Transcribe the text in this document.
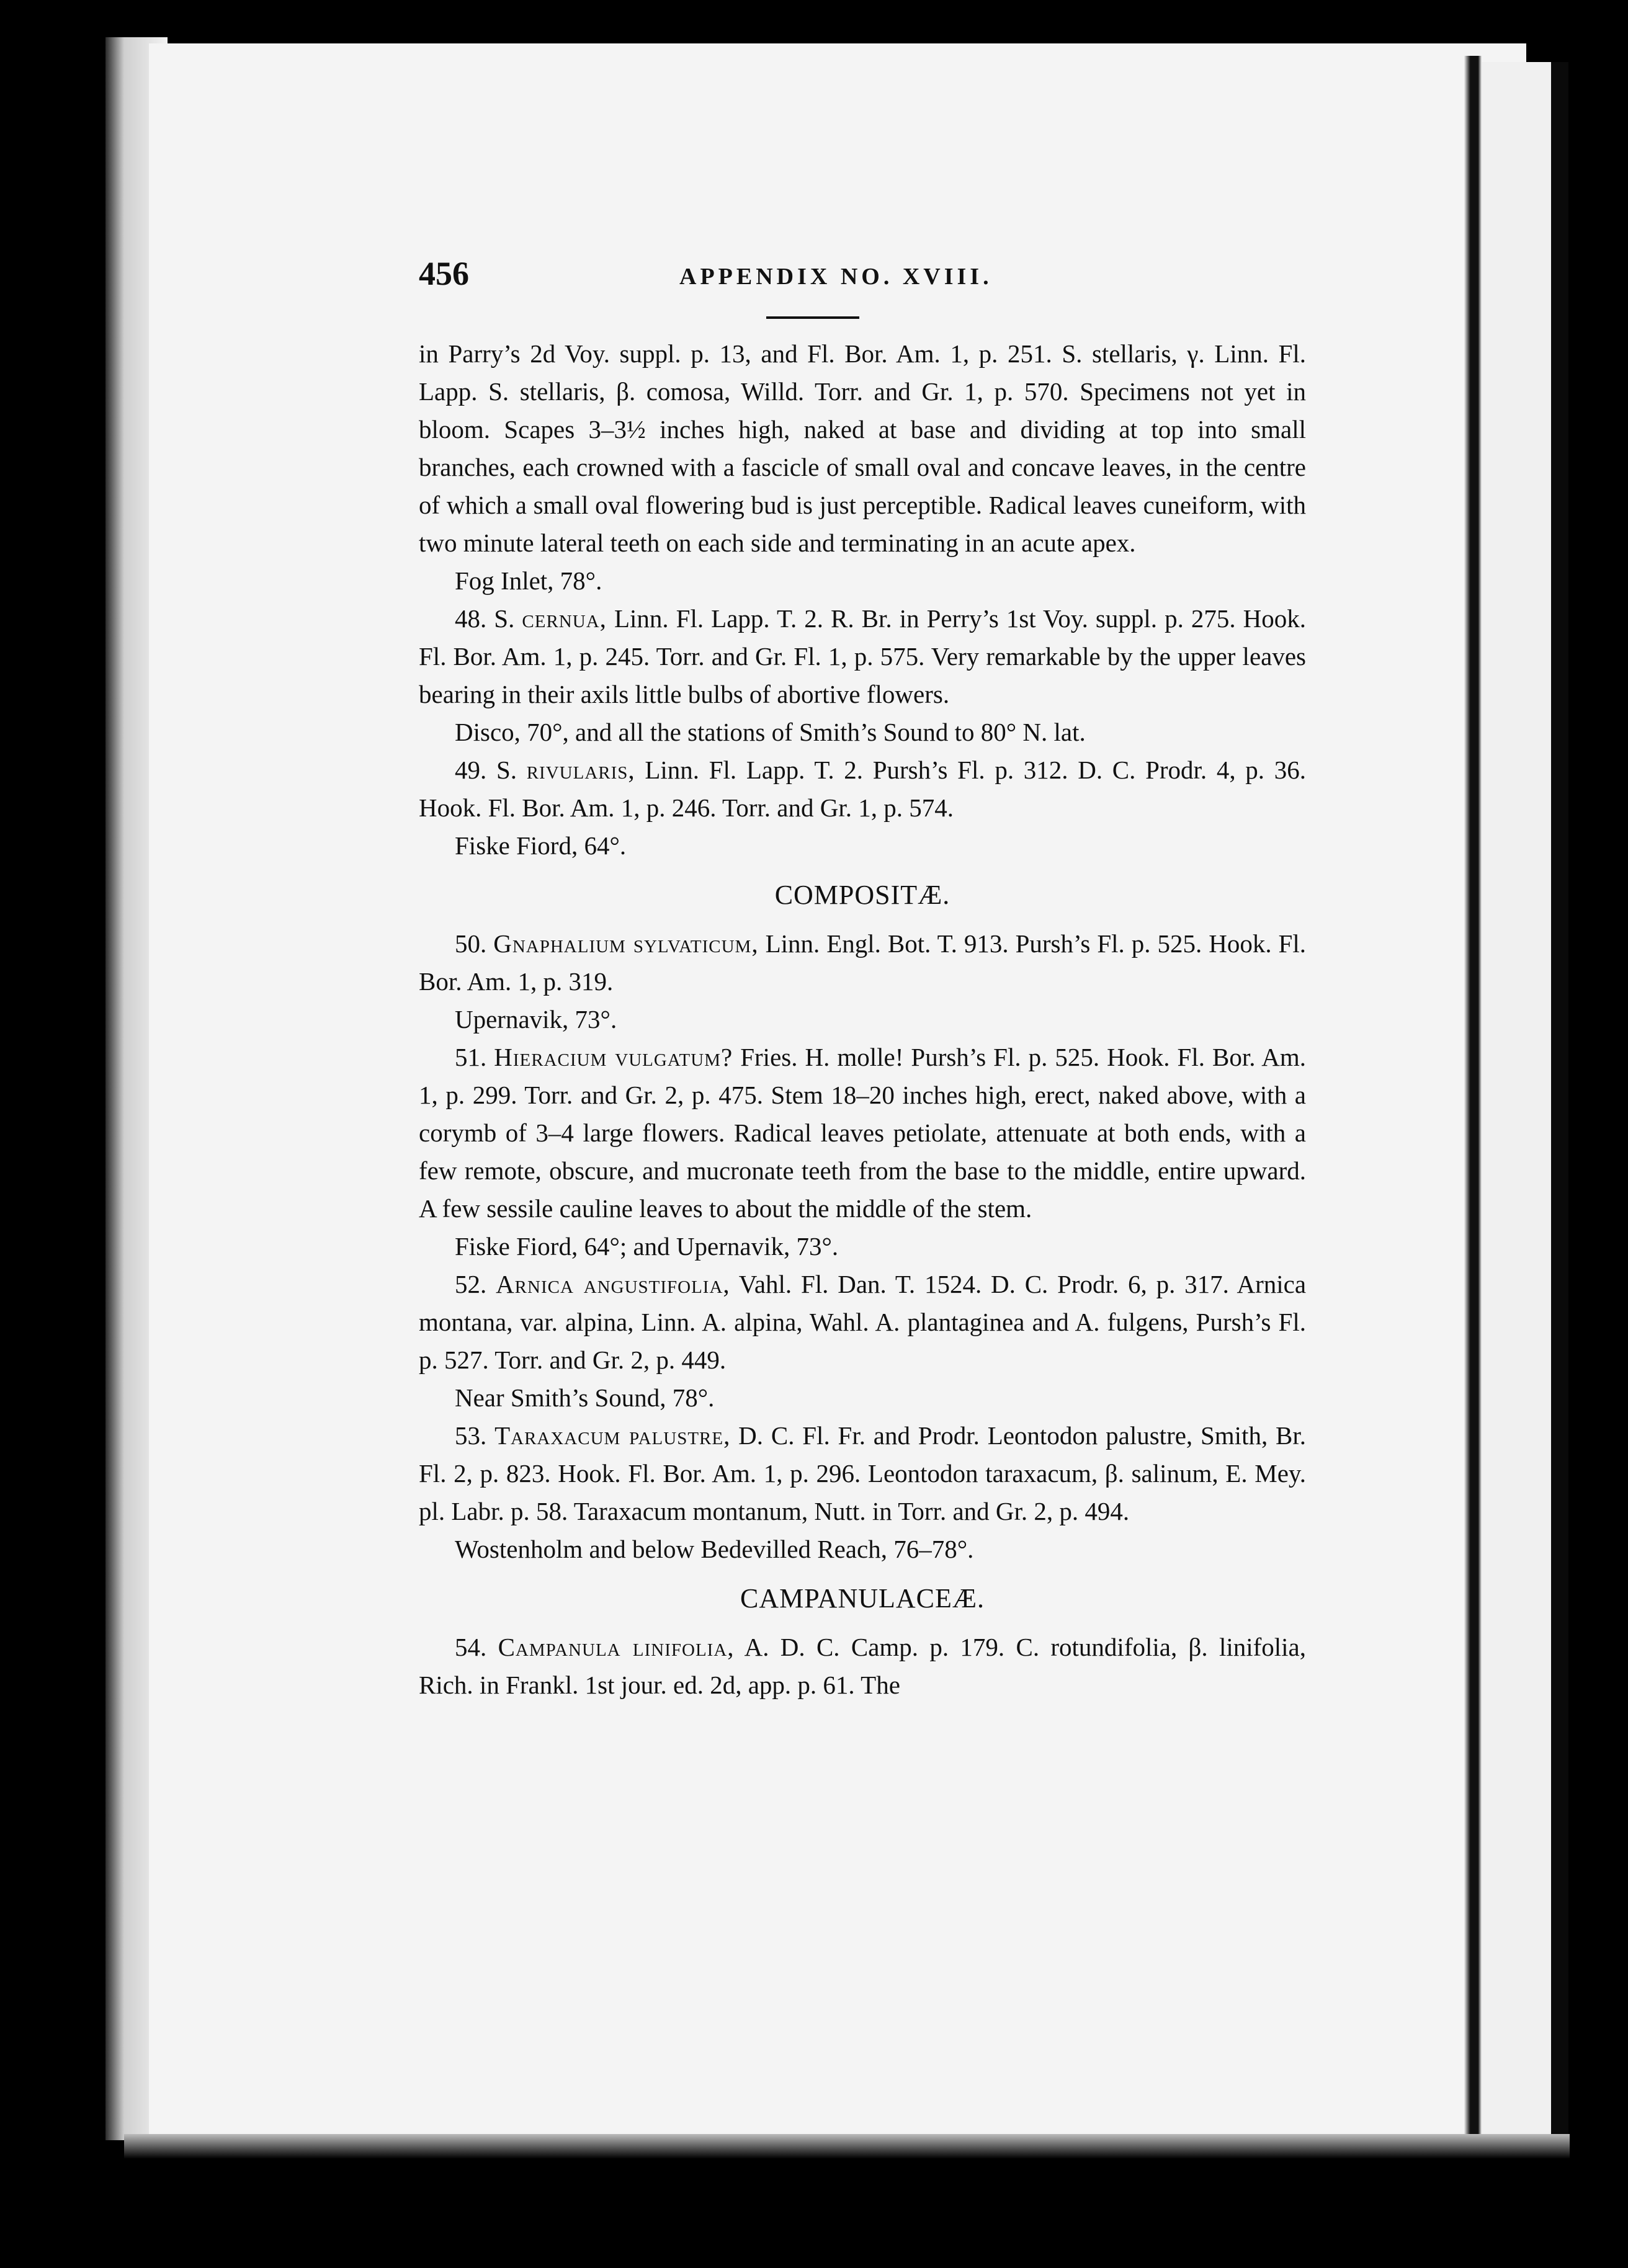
456	APPENDIX NO. XVIII.

in Parry’s 2d Voy. suppl. p. 13, and Fl. Bor. Am. 1, p. 251. S. stellaris, γ. Linn. Fl. Lapp. S. stellaris, β. comosa, Willd. Torr. and Gr. 1, p. 570. Specimens not yet in bloom. Scapes 3–3½ inches high, naked at base and dividing at top into small branches, each crowned with a fascicle of small oval and concave leaves, in the centre of which a small oval flowering bud is just perceptible. Radical leaves cuneiform, with two minute lateral teeth on each side and terminating in an acute apex.

Fog Inlet, 78°.

48. S. cernua, Linn. Fl. Lapp. T. 2. R. Br. in Perry’s 1st Voy. suppl. p. 275. Hook. Fl. Bor. Am. 1, p. 245. Torr. and Gr. Fl. 1, p. 575. Very remarkable by the upper leaves bearing in their axils little bulbs of abortive flowers.

Disco, 70°, and all the stations of Smith’s Sound to 80° N. lat.

49. S. rivularis, Linn. Fl. Lapp. T. 2. Pursh’s Fl. p. 312. D. C. Prodr. 4, p. 36. Hook. Fl. Bor. Am. 1, p. 246. Torr. and Gr. 1, p. 574.

Fiske Fiord, 64°.

COMPOSITÆ.

50. Gnaphalium sylvaticum, Linn. Engl. Bot. T. 913. Pursh’s Fl. p. 525. Hook. Fl. Bor. Am. 1, p. 319.

Upernavik, 73°.

51. Hieracium vulgatum? Fries. H. molle! Pursh’s Fl. p. 525. Hook. Fl. Bor. Am. 1, p. 299. Torr. and Gr. 2, p. 475. Stem 18–20 inches high, erect, naked above, with a corymb of 3–4 large flowers. Radical leaves petiolate, attenuate at both ends, with a few remote, obscure, and mucronate teeth from the base to the middle, entire upward. A few sessile cauline leaves to about the middle of the stem.

Fiske Fiord, 64°; and Upernavik, 73°.

52. Arnica angustifolia, Vahl. Fl. Dan. T. 1524. D. C. Prodr. 6, p. 317. Arnica montana, var. alpina, Linn. A. alpina, Wahl. A. plantaginea and A. fulgens, Pursh’s Fl. p. 527. Torr. and Gr. 2, p. 449.

Near Smith’s Sound, 78°.

53. Taraxacum palustre, D. C. Fl. Fr. and Prodr. Leontodon palustre, Smith, Br. Fl. 2, p. 823. Hook. Fl. Bor. Am. 1, p. 296. Leontodon taraxacum, β. salinum, E. Mey. pl. Labr. p. 58. Taraxacum montanum, Nutt. in Torr. and Gr. 2, p. 494.

Wostenholm and below Bedevilled Reach, 76–78°.

CAMPANULACEÆ.

54. Campanula linifolia, A. D. C. Camp. p. 179. C. rotundifolia, β. linifolia, Rich. in Frankl. 1st jour. ed. 2d, app. p. 61. The
